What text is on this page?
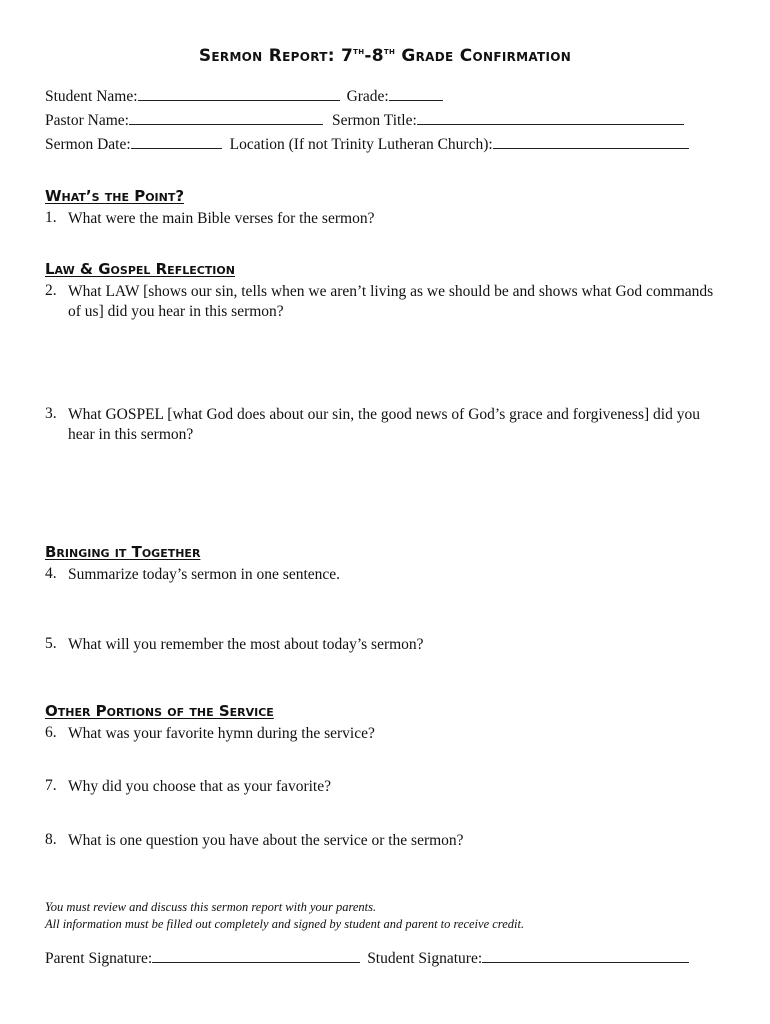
Sermon Report: 7th-8th Grade Confirmation
Student Name:	Grade:
Pastor Name:	Sermon Title:
Sermon Date:	Location (If not Trinity Lutheran Church):
What’s the Point?
1. What were the main Bible verses for the sermon?
Law & Gospel Reflection
2. What LAW [shows our sin, tells when we aren’t living as we should be and shows what God commands of us] did you hear in this sermon?
3. What GOSPEL [what God does about our sin, the good news of God’s grace and forgiveness] did you hear in this sermon?
Bringing it Together
4. Summarize today’s sermon in one sentence.
5. What will you remember the most about today’s sermon?
Other Portions of the Service
6. What was your favorite hymn during the service?
7. Why did you choose that as your favorite?
8. What is one question you have about the service or the sermon?
You must review and discuss this sermon report with your parents.
All information must be filled out completely and signed by student and parent to receive credit.
Parent Signature:	Student Signature:
